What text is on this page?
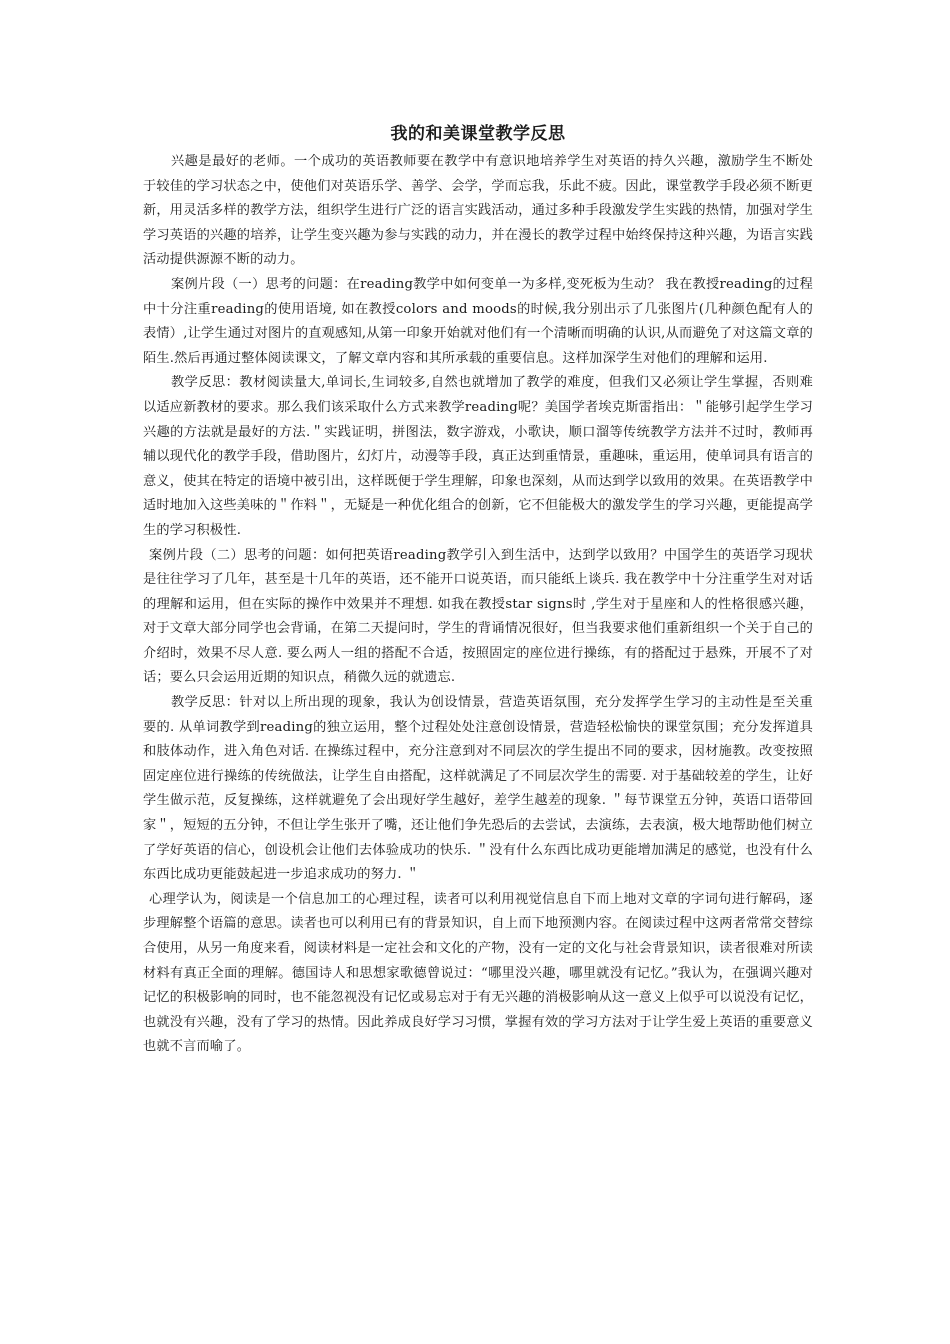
我的和美课堂教学反思

兴趣是最好的老师。一个成功的英语教师要在教学中有意识地培养学生对英语的持久兴趣，激励学生不断处于较佳的学习状态之中，使他们对英语乐学、善学、会学，学而忘我，乐此不疲。因此，课堂教学手段必须不断更新，用灵活多样的教学方法，组织学生进行广泛的语言实践活动，通过多种手段激发学生实践的热情，加强对学生学习英语的兴趣的培养，让学生变兴趣为参与实践的动力，并在漫长的教学过程中始终保持这种兴趣，为语言实践活动提供源源不断的动力。

案例片段（一）思考的问题：在reading教学中如何变单一为多样,变死板为生动？ 我在教授reading的过程中十分注重reading的使用语境, 如在教授colors and moods的时候,我分别出示了几张图片(几种颜色配有人的表情）,让学生通过对图片的直观感知,从第一印象开始就对他们有一个清晰而明确的认识,从而避免了对这篇文章的陌生.然后再通过整体阅读课文，了解文章内容和其所承载的重要信息。这样加深学生对他们的理解和运用.

教学反思：教材阅读量大,单词长,生词较多,自然也就增加了教学的难度，但我们又必须让学生掌握，否则难以适应新教材的要求。那么我们该采取什么方式来教学reading呢？美国学者埃克斯雷指出：＂能够引起学生学习兴趣的方法就是最好的方法.＂实践证明，拼图法，数字游戏，小歌诀，顺口溜等传统教学方法并不过时，教师再辅以现代化的教学手段，借助图片，幻灯片，动漫等手段，真正达到重情景，重趣味，重运用，使单词具有语言的意义，使其在特定的语境中被引出，这样既便于学生理解，印象也深刻，从而达到学以致用的效果。在英语教学中适时地加入这些美味的＂作料＂，无疑是一种优化组合的创新，它不但能极大的激发学生的学习兴趣，更能提高学生的学习积极性.

案例片段（二）思考的问题：如何把英语reading教学引入到生活中，达到学以致用？中国学生的英语学习现状是往往学习了几年，甚至是十几年的英语，还不能开口说英语，而只能纸上谈兵. 我在教学中十分注重学生对对话的理解和运用，但在实际的操作中效果并不理想. 如我在教授star signs时 ,学生对于星座和人的性格很感兴趣，对于文章大部分同学也会背诵，在第二天提问时，学生的背诵情况很好，但当我要求他们重新组织一个关于自己的介绍时，效果不尽人意. 要么两人一组的搭配不合适，按照固定的座位进行操练，有的搭配过于悬殊，开展不了对话；要么只会运用近期的知识点，稍微久远的就遗忘.

教学反思：针对以上所出现的现象，我认为创设情景，营造英语氛围，充分发挥学生学习的主动性是至关重要的. 从单词教学到reading的独立运用，整个过程处处注意创设情景，营造轻松愉快的课堂氛围；充分发挥道具和肢体动作，进入角色对话. 在操练过程中，充分注意到对不同层次的学生提出不同的要求，因材施教。改变按照固定座位进行操练的传统做法，让学生自由搭配，这样就满足了不同层次学生的需要. 对于基础较差的学生，让好学生做示范，反复操练，这样就避免了会出现好学生越好，差学生越差的现象. ＂每节课堂五分钟，英语口语带回家＂，短短的五分钟，不但让学生张开了嘴，还让他们争先恐后的去尝试，去演练，去表演，极大地帮助他们树立了学好英语的信心，创设机会让他们去体验成功的快乐. ＂没有什么东西比成功更能增加满足的感觉，也没有什么东西比成功更能鼓起进一步追求成功的努力. ＂

心理学认为，阅读是一个信息加工的心理过程，读者可以利用视觉信息自下而上地对文章的字词句进行解码，逐步理解整个语篇的意思。读者也可以利用已有的背景知识，自上而下地预测内容。在阅读过程中这两者常常交替综合使用，从另一角度来看，阅读材料是一定社会和文化的产物，没有一定的文化与社会背景知识，读者很难对所读材料有真正全面的理解。德国诗人和思想家歌德曾说过：“哪里没兴趣，哪里就没有记忆。”我认为，在强调兴趣对记忆的积极影响的同时，也不能忽视没有记忆或易忘对于有无兴趣的消极影响从这一意义上似乎可以说没有记忆，也就没有兴趣，没有了学习的热情。因此养成良好学习习惯，掌握有效的学习方法对于让学生爱上英语的重要意义也就不言而喻了。
